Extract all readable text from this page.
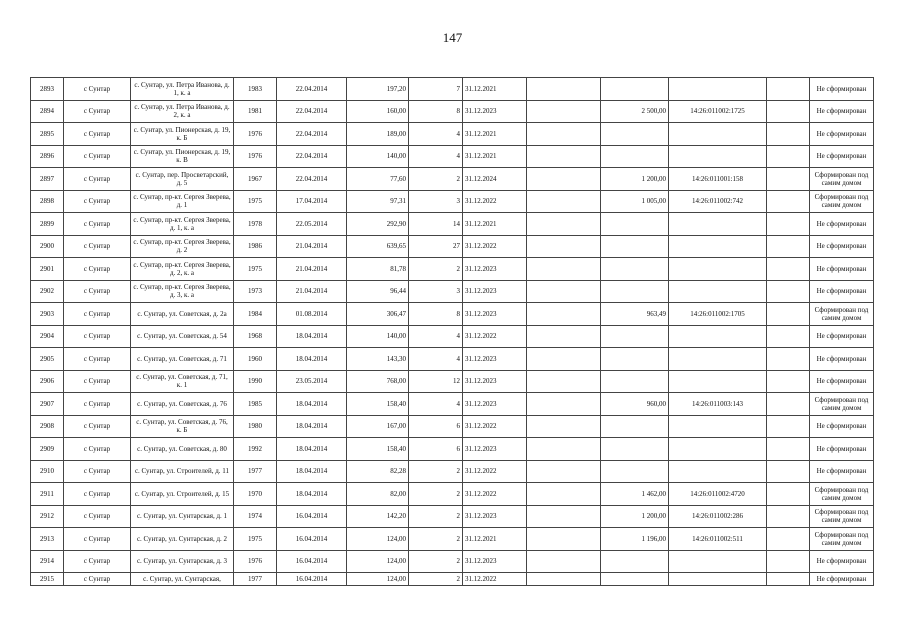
147
2893	с Сунтар	с. Сунтар, ул. Петра Иванова, д. 1, к. а	1983	22.04.2014	197,20	7	31.12.2021					Не сформирован
2894	с Сунтар	с. Сунтар, ул. Петра Иванова, д. 2, к. а	1981	22.04.2014	160,00	8	31.12.2023		2 500,00	14:26:011002:1725		Не сформирован
2895	с Сунтар	с. Сунтар, ул. Пионерская, д. 19, к. Б	1976	22.04.2014	189,00	4	31.12.2021					Не сформирован
2896	с Сунтар	с. Сунтар, ул. Пионерская, д. 19, к. В	1976	22.04.2014	140,00	4	31.12.2021					Не сформирован
2897	с Сунтар	с. Сунтар, пер. Просветарский, д. 5	1967	22.04.2014	77,60	2	31.12.2024		1 200,00	14:26:011001:158		Сформирован под самим домом
2898	с Сунтар	с. Сунтар, пр-кт. Сергея Зверева, д. 1	1975	17.04.2014	97,31	3	31.12.2022		1 005,00	14:26:011002:742		Сформирован под самим домом
2899	с Сунтар	с. Сунтар, пр-кт. Сергея Зверева, д. 1, к. а	1978	22.05.2014	292,90	14	31.12.2021					Не сформирован
2900	с Сунтар	с. Сунтар, пр-кт. Сергея Зверева, д. 2	1986	21.04.2014	639,65	27	31.12.2022					Не сформирован
2901	с Сунтар	с. Сунтар, пр-кт. Сергея Зверева, д. 2, к. а	1975	21.04.2014	81,78	2	31.12.2023					Не сформирован
2902	с Сунтар	с. Сунтар, пр-кт. Сергея Зверева, д. 3, к. а	1973	21.04.2014	96,44	3	31.12.2023					Не сформирован
2903	с Сунтар	с. Сунтар, ул. Советская, д. 2а	1984	01.08.2014	306,47	8	31.12.2023		963,49	14:26:011002:1705		Сформирован под самим домом
2904	с Сунтар	с. Сунтар, ул. Советская, д. 54	1968	18.04.2014	140,00	4	31.12.2022					Не сформирован
2905	с Сунтар	с. Сунтар, ул. Советская, д. 71	1960	18.04.2014	143,30	4	31.12.2023					Не сформирован
2906	с Сунтар	с. Сунтар, ул. Советская, д. 71, к. 1	1990	23.05.2014	768,00	12	31.12.2023					Не сформирован
2907	с Сунтар	с. Сунтар, ул. Советская, д. 76	1985	18.04.2014	158,40	4	31.12.2023		960,00	14:26:011003:143		Сформирован под самим домом
2908	с Сунтар	с. Сунтар, ул. Советская, д. 76, к. Б	1980	18.04.2014	167,00	6	31.12.2022					Не сформирован
2909	с Сунтар	с. Сунтар, ул. Советская, д. 80	1992	18.04.2014	158,40	6	31.12.2023					Не сформирован
2910	с Сунтар	с. Сунтар, ул. Строителей, д. 11	1977	18.04.2014	82,28	2	31.12.2022					Не сформирован
2911	с Сунтар	с. Сунтар, ул. Строителей, д. 15	1970	18.04.2014	82,00	2	31.12.2022		1 462,00	14:26:011002:4720		Сформирован под самим домом
2912	с Сунтар	с. Сунтар, ул. Сунтарская, д. 1	1974	16.04.2014	142,20	2	31.12.2023		1 200,00	14:26:011002:286		Сформирован под самим домом
2913	с Сунтар	с. Сунтар, ул. Сунтарская, д. 2	1975	16.04.2014	124,00	2	31.12.2021		1 196,00	14:26:011002:511		Сформирован под самим домом
2914	с Сунтар	с. Сунтар, ул. Сунтарская, д. 3	1976	16.04.2014	124,00	2	31.12.2023					Не сформирован
2915	с Сунтар	с. Сунтар, ул. Сунтарская,	1977	16.04.2014	124,00	2	31.12.2022					Не сформирован
